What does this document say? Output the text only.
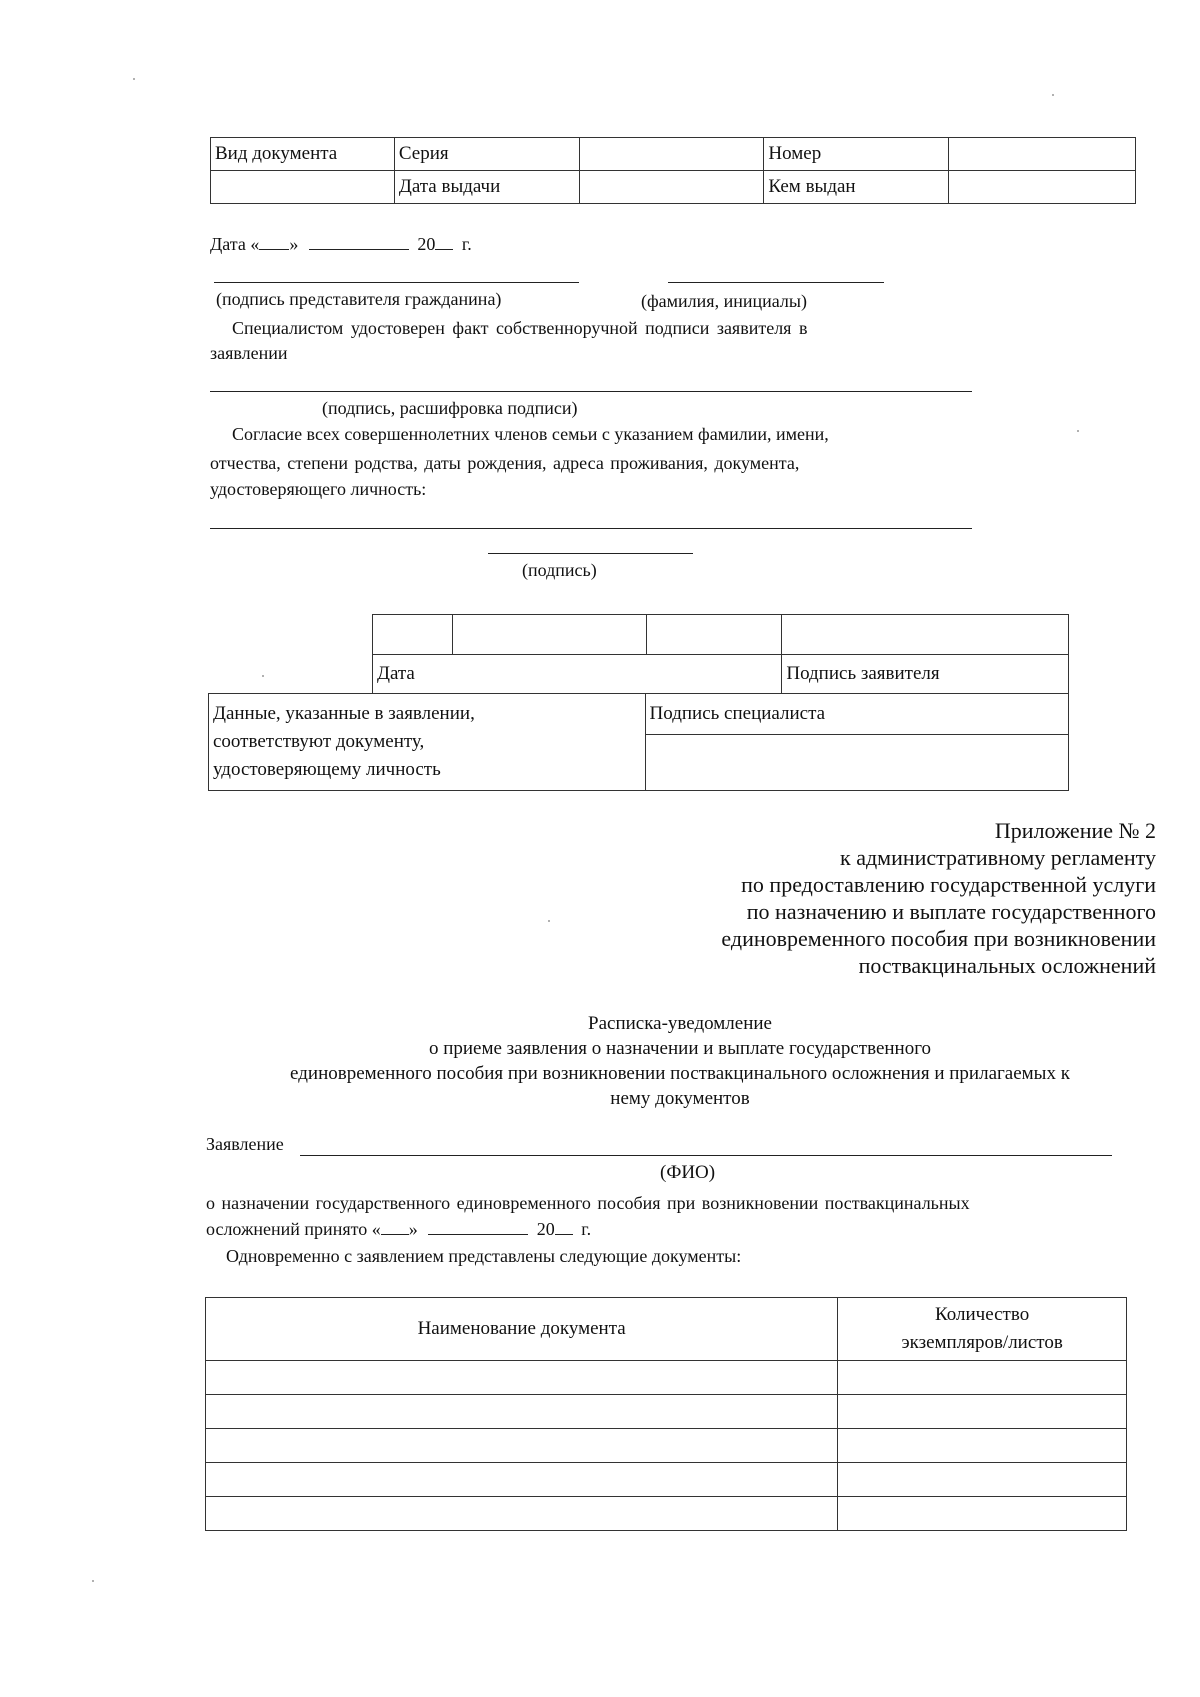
Вид документа	Серия		Номер	
	Дата выдачи		Кем выдан	
Дата « »	20 г.
(подпись представителя гражданина)	(фамилия, инициалы)
Специалистом удостоверен факт собственноручной подписи заявителя в
заявлении
(подпись, расшифровка подписи)
Согласие всех совершеннолетних членов семьи с указанием фамилии, имени,
отчества, степени родства, даты рождения, адреса проживания, документа,
удостоверяющего личность:
(подпись)

Дата			Подпись заявителя
Данные, указанные в заявлении,
соответствуют документу,
удостоверяющему личность
	Подпись специалиста

Приложение № 2
к административному регламенту
по предоставлению государственной услуги
по назначению и выплате государственного
единовременного пособия при возникновении
поствакцинальных осложнений
Расписка-уведомление
о приеме заявления о назначении и выплате государственного
единовременного пособия при возникновении поствакцинального осложнения и прилагаемых к
нему документов
Заявление
(ФИО)
о назначении государственного единовременного пособия при возникновении поствакцинальных
осложнений принято « »	20 г.
Одновременно с заявлением представлены следующие документы:
Наименование документа	Количество
экземпляров/листов
